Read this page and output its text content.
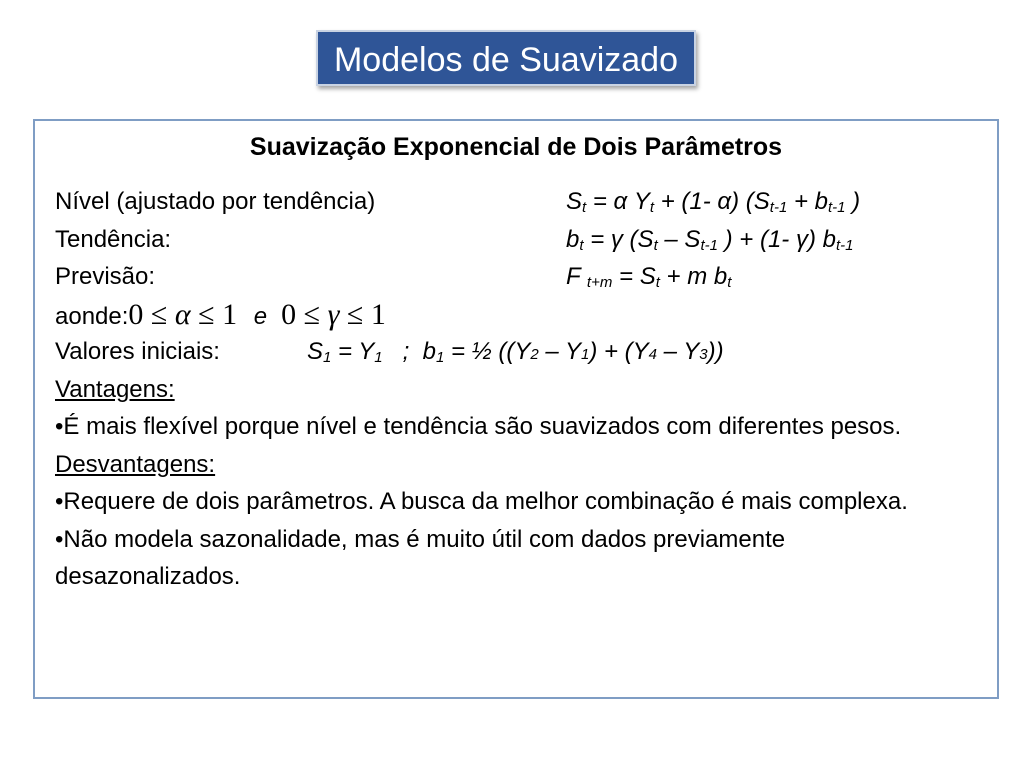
Modelos de Suavizado
Suavização Exponencial de Dois Parâmetros
Nível (ajustado por tendência)	$S_t = \alpha$ $Y_t + (1-$ α) ($S_{t-1} + b_{t-1}$ )
Tendência:	$b_t = \gamma$ ($S_t - S_{t-1}$ ) + (1- γ) $b_{t-1}$
Previsão:	F $_{t+m} = S_t + m$ $b_t$
aonde:0 ≤ α ≤ 1 e 0 ≤ γ ≤ 1
Valores iniciais:	$S_1 = Y_1$   ;  $b_1$ = ½ ((Y2 – Y1) + (Y4 – Y3))
Vantagens:
•É mais flexível porque nível e tendência são suavizados com diferentes pesos.
Desvantagens:
•Requere de dois parâmetros. A busca da melhor combinação é mais complexa.
•Não modela sazonalidade, mas é muito útil com dados previamente desazonalizados.
